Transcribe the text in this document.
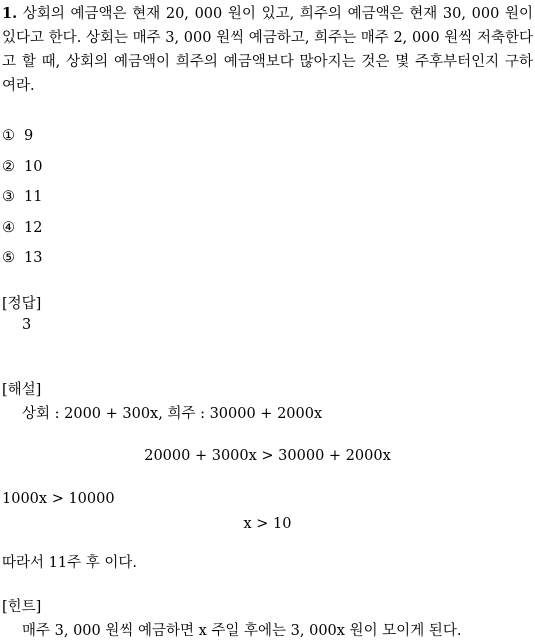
1. 상회의 예금액은 현재 20, 000 원이 있고, 희주의 예금액은 현재 30, 000 원이 있다고 한다. 상회는 매주 3, 000 원씩 예금하고, 희주는 매주 2, 000 원씩 저축한다고 할 때, 상회의 예금액이 희주의 예금액보다 많아지는 것은 몇 주후부터인지 구하여라.
① 9
② 10
③ 11
④ 12
⑤ 13
[정답]
3
[해설]
상회 : 2000 + 300x, 희주 : 30000 + 2000x
20000 + 3000x > 30000 + 2000x
1000x > 10000
x > 10
따라서 11주 후 이다.
[힌트]
매주 3, 000 원씩 예금하면 x 주일 후에는 3, 000x 원이 모이게 된다.
